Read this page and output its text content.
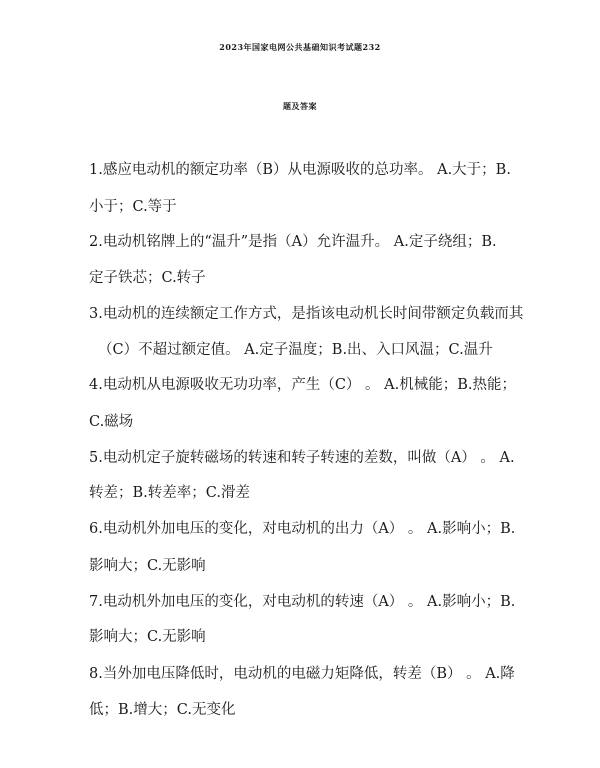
2023年国家电网公共基础知识考试题232
题及答案

1.感应电动机的额定功率（B）从电源吸收的总功率。 A.大于；B.

小于；C.等于

2.电动机铭牌上的“温升”是指（A）允许温升。 A.定子绕组；B.

定子铁芯；C.转子

3.电动机的连续额定工作方式，是指该电动机长时间带额定负载而其

（C）不超过额定值。 A.定子温度；B.出、入口风温；C.温升

4.电动机从电源吸收无功功率，产生（C） 。 A.机械能；B.热能；

C.磁场

5.电动机定子旋转磁场的转速和转子转速的差数，叫做（A） 。 A.

转差；B.转差率；C.滑差

6.电动机外加电压的变化，对电动机的出力（A） 。 A.影响小；B.

影响大；C.无影响

7.电动机外加电压的变化，对电动机的转速（A） 。 A.影响小；B.

影响大；C.无影响

8.当外加电压降低时，电动机的电磁力矩降低，转差（B） 。 A.降

低；B.增大；C.无变化
